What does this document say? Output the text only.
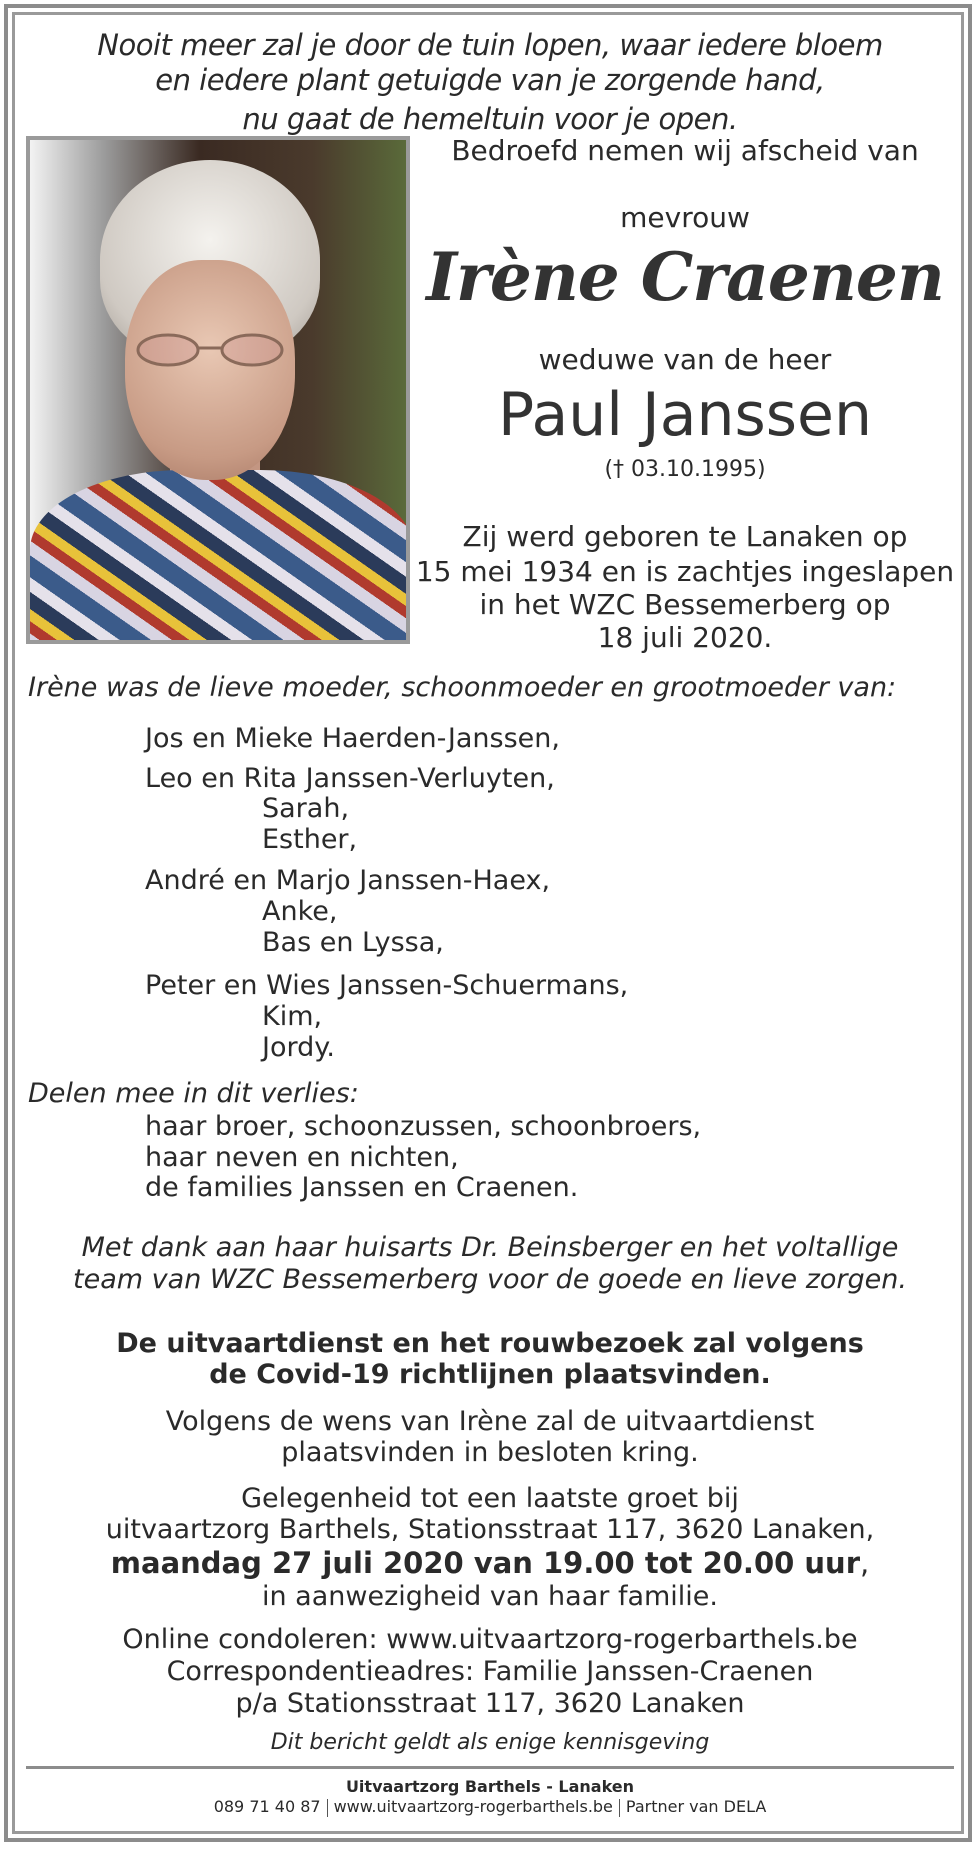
Nooit meer zal je door de tuin lopen, waar iedere bloem
en iedere plant getuigde van je zorgende hand,
nu gaat de hemeltuin voor je open.
Bedroefd nemen wij afscheid van
mevrouw
Irène Craenen
weduwe van de heer
Paul Janssen
(† 03.10.1995)
Zij werd geboren te Lanaken op
15 mei 1934 en is zachtjes ingeslapen
in het WZC Bessemerberg op
18 juli 2020.
Irène was de lieve moeder, schoonmoeder en grootmoeder van:
Jos en Mieke Haerden-Janssen,
Leo en Rita Janssen-Verluyten,
Sarah,
Esther,
André en Marjo Janssen-Haex,
Anke,
Bas en Lyssa,
Peter en Wies Janssen-Schuermans,
Kim,
Jordy.
Delen mee in dit verlies:
haar broer, schoonzussen, schoonbroers,
haar neven en nichten,
de families Janssen en Craenen.
Met dank aan haar huisarts Dr. Beinsberger en het voltallige
team van WZC Bessemerberg voor de goede en lieve zorgen.
De uitvaartdienst en het rouwbezoek zal volgens
de Covid-19 richtlijnen plaatsvinden.
Volgens de wens van Irène zal de uitvaartdienst
plaatsvinden in besloten kring.
Gelegenheid tot een laatste groet bij
uitvaartzorg Barthels, Stationsstraat 117, 3620 Lanaken,
maandag 27 juli 2020 van 19.00 tot 20.00 uur,
in aanwezigheid van haar familie.
Online condoleren: www.uitvaartzorg-rogerbarthels.be
Correspondentieadres: Familie Janssen-Craenen
p/a Stationsstraat 117, 3620 Lanaken
Dit bericht geldt als enige kennisgeving
Uitvaartzorg Barthels - Lanaken
089 71 40 87 www.uitvaartzorg-rogerbarthels.be Partner van DELA
